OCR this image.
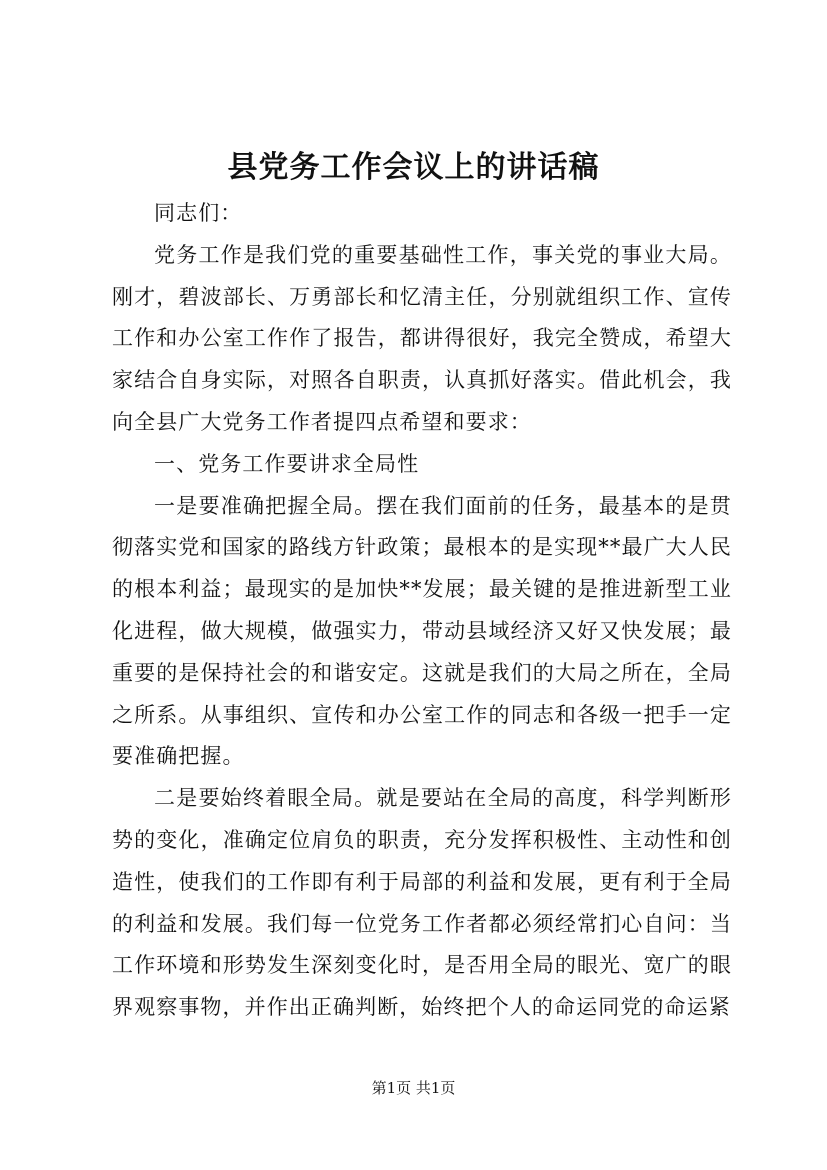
县党务工作会议上的讲话稿

同志们：

党务工作是我们党的重要基础性工作，事关党的事业大局。刚才，碧波部长、万勇部长和忆清主任，分别就组织工作、宣传工作和办公室工作作了报告，都讲得很好，我完全赞成，希望大家结合自身实际，对照各自职责，认真抓好落实。借此机会，我向全县广大党务工作者提四点希望和要求：

一、党务工作要讲求全局性

一是要准确把握全局。摆在我们面前的任务，最基本的是贯彻落实党和国家的路线方针政策；最根本的是实现**最广大人民的根本利益；最现实的是加快**发展；最关键的是推进新型工业化进程，做大规模，做强实力，带动县域经济又好又快发展；最重要的是保持社会的和谐安定。这就是我们的大局之所在，全局之所系。从事组织、宣传和办公室工作的同志和各级一把手一定要准确把握。

二是要始终着眼全局。就是要站在全局的高度，科学判断形势的变化，准确定位肩负的职责，充分发挥积极性、主动性和创造性，使我们的工作即有利于局部的利益和发展，更有利于全局的利益和发展。我们每一位党务工作者都必须经常扪心自问：当工作环境和形势发生深刻变化时，是否用全局的眼光、宽广的眼界观察事物，并作出正确判断，始终把个人的命运同党的命运紧

第1页 共1页
